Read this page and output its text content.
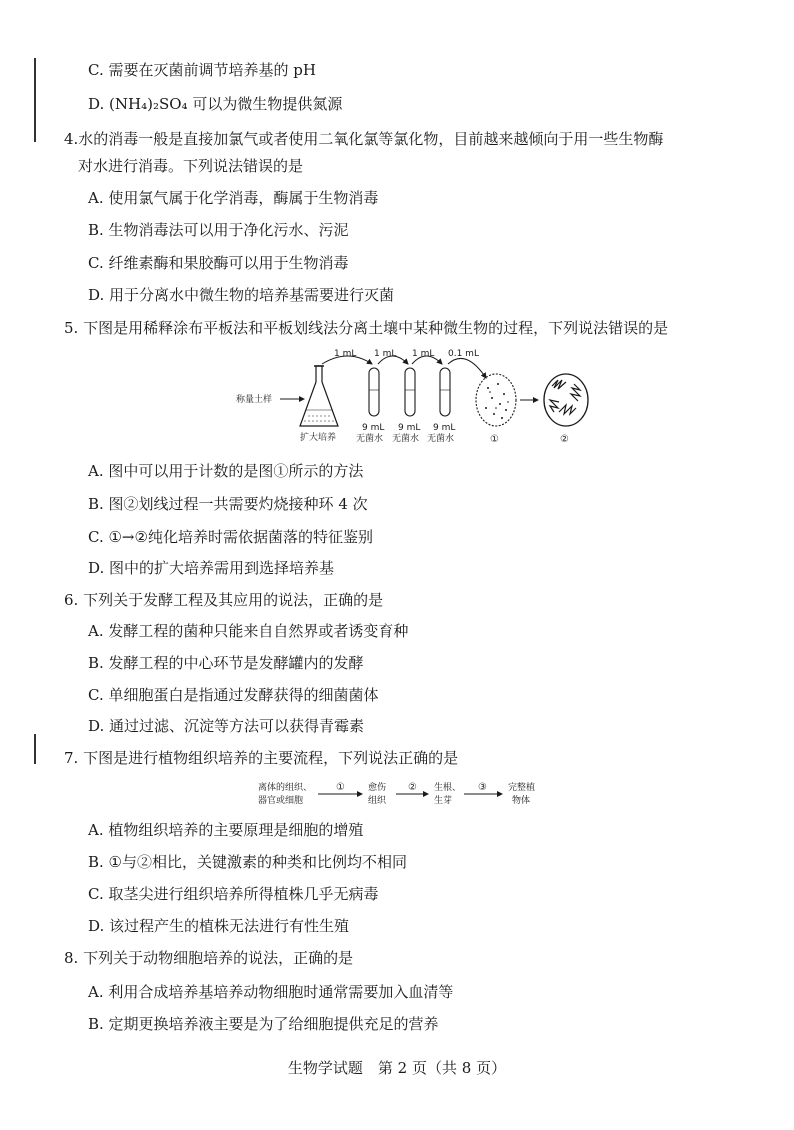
C. 需要在灭菌前调节培养基的 pH
D. (NH₄)₂SO₄ 可以为微生物提供氮源
4.水的消毒一般是直接加氯气或者使用二氧化氯等氯化物，目前越来越倾向于用一些生物酶
对水进行消毒。下列说法错误的是
A. 使用氯气属于化学消毒，酶属于生物消毒
B. 生物消毒法可以用于净化污水、污泥
C. 纤维素酶和果胶酶可以用于生物消毒
D. 用于分离水中微生物的培养基需要进行灭菌
5. 下图是用稀释涂布平板法和平板划线法分离土壤中某种微生物的过程，下列说法错误的是
称量土样
扩大培养
1 mL 1 mL 1 mL 0.1 mL
9 mL
无菌水
9 mL
无菌水
9 mL
无菌水	①	②
A. 图中可以用于计数的是图①所示的方法
B. 图②划线过程一共需要灼烧接种环 4 次
C. ①→②纯化培养时需依据菌落的特征鉴别
D. 图中的扩大培养需用到选择培养基
6. 下列关于发酵工程及其应用的说法，正确的是
A. 发酵工程的菌种只能来自自然界或者诱变育种
B. 发酵工程的中心环节是发酵罐内的发酵
C. 单细胞蛋白是指通过发酵获得的细菌菌体
D. 通过过滤、沉淀等方法可以获得青霉素
7. 下图是进行植物组织培养的主要流程，下列说法正确的是
离体的组织、
器官或细胞
①	愈伤
组织
② 生根、
生芽
③ 完整植
物体
A. 植物组织培养的主要原理是细胞的增殖
B. ①与②相比，关键激素的种类和比例均不相同
C. 取茎尖进行组织培养所得植株几乎无病毒
D. 该过程产生的植株无法进行有性生殖
8. 下列关于动物细胞培养的说法，正确的是
A. 利用合成培养基培养动物细胞时通常需要加入血清等
B. 定期更换培养液主要是为了给细胞提供充足的营养
生物学试题　第 2 页（共 8 页）
